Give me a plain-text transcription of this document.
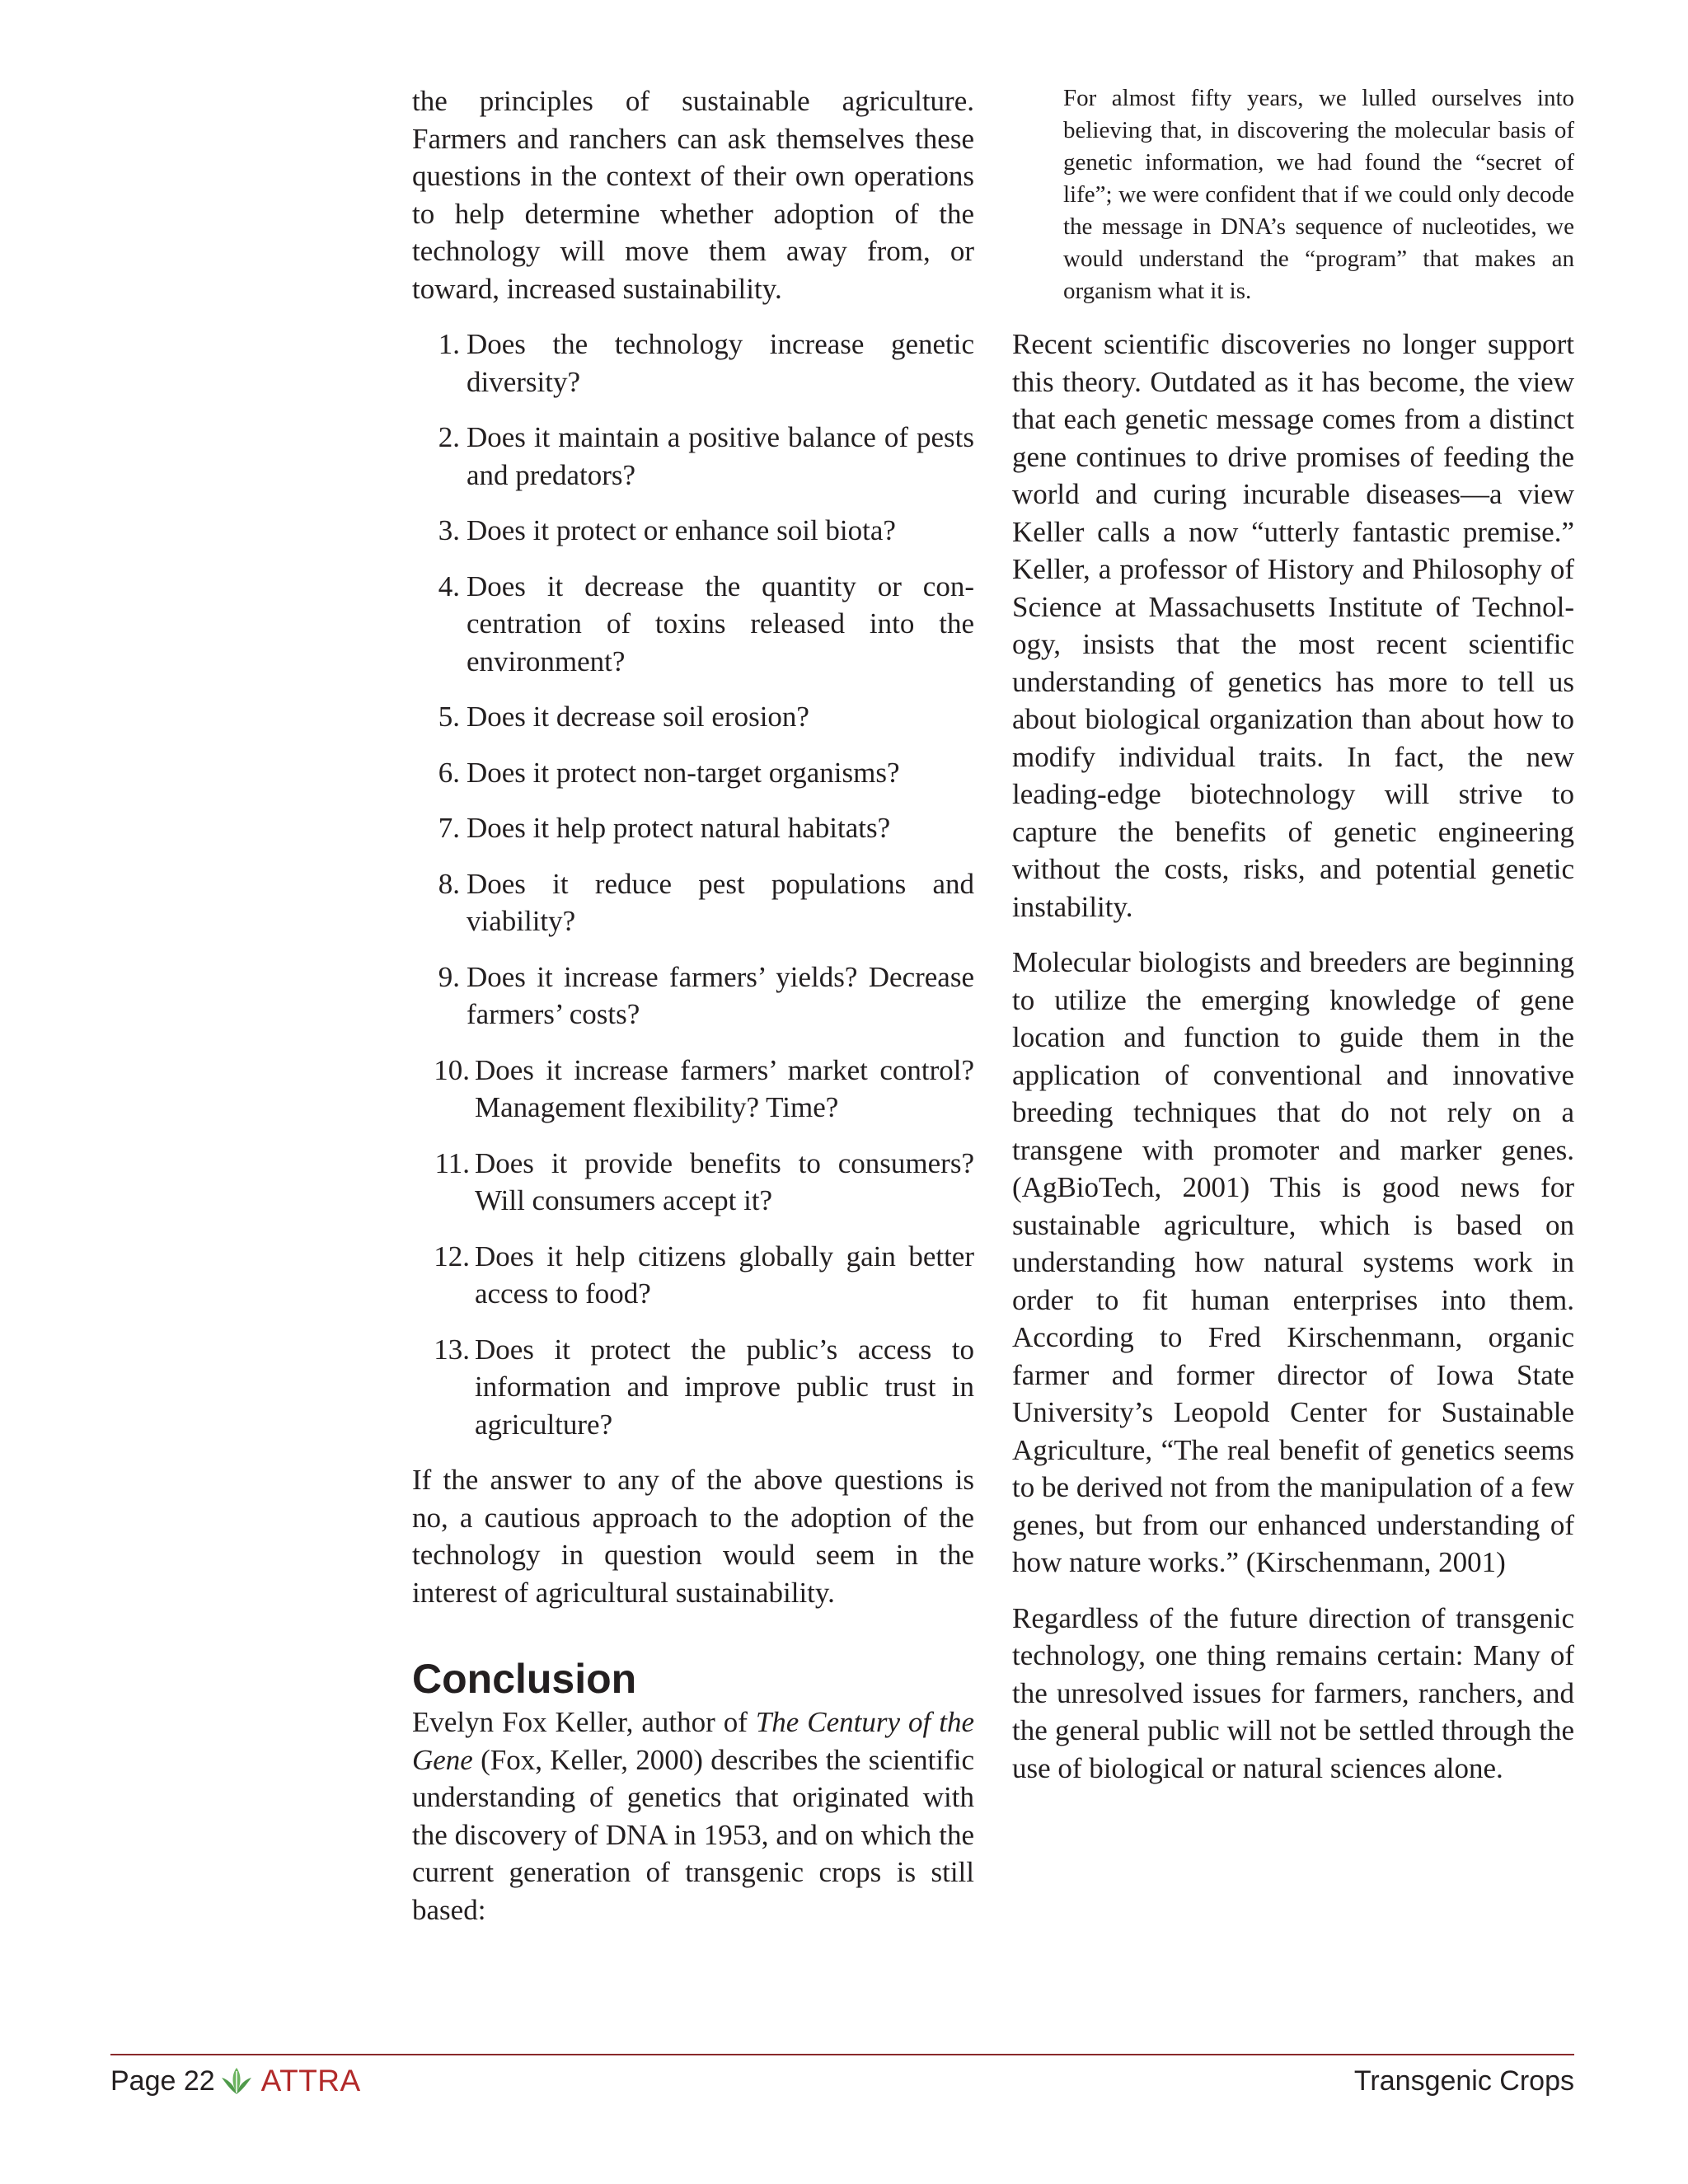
the principles of sustainable agriculture. Farmers and ranchers can ask themselves these questions in the context of their own operations to help determine whether adoption of the technology will move them away from, or toward, increased sustainability.

1. Does the technology increase genetic diversity?
2. Does it maintain a positive balance of pests and predators?
3. Does it protect or enhance soil biota?
4. Does it decrease the quantity or concentration of toxins released into the environment?
5. Does it decrease soil erosion?
6. Does it protect non-target organisms?
7. Does it help protect natural habitats?
8. Does it reduce pest populations and viability?
9. Does it increase farmers’ yields? Decrease farmers’ costs?
10. Does it increase farmers’ market control? Management flexibility? Time?
11. Does it provide benefits to consumers? Will consumers accept it?
12. Does it help citizens globally gain better access to food?
13. Does it protect the public’s access to information and improve public trust in agriculture?

If the answer to any of the above questions is no, a cautious approach to the adoption of the technology in question would seem in the interest of agricultural sustainability.

Conclusion

Evelyn Fox Keller, author of The Century of the Gene (Fox, Keller, 2000) describes the scientific understanding of genetics that originated with the discovery of DNA in 1953, and on which the current generation of transgenic crops is still based:

For almost fifty years, we lulled ourselves into believing that, in discovering the molecular basis of genetic information, we had found the “secret of life”; we were confident that if we could only decode the message in DNA’s sequence of nucleotides, we would understand the “program” that makes an organism what it is.

Recent scientific discoveries no longer support this theory. Outdated as it has become, the view that each genetic message comes from a distinct gene continues to drive promises of feeding the world and curing incurable diseases—a view Keller calls a now “utterly fantastic premise.” Keller, a professor of History and Philosophy of Science at Massachusetts Institute of Technology, insists that the most recent scientific understanding of genetics has more to tell us about biological organization than about how to modify individual traits. In fact, the new leading-edge biotechnology will strive to capture the benefits of genetic engineering without the costs, risks, and potential genetic instability.

Molecular biologists and breeders are beginning to utilize the emerging knowledge of gene location and function to guide them in the application of conventional and innovative breeding techniques that do not rely on a transgene with promoter and marker genes. (AgBioTech, 2001) This is good news for sustainable agriculture, which is based on understanding how natural systems work in order to fit human enterprises into them. According to Fred Kirschenmann, organic farmer and former director of Iowa State University’s Leopold Center for Sustainable Agriculture, “The real benefit of genetics seems to be derived not from the manipulation of a few genes, but from our enhanced understanding of how nature works.” (Kirschenmann, 2001)

Regardless of the future direction of transgenic technology, one thing remains certain: Many of the unresolved issues for farmers, ranchers, and the general public will not be settled through the use of biological or natural sciences alone.

Page 22 ATTRA	Transgenic Crops
